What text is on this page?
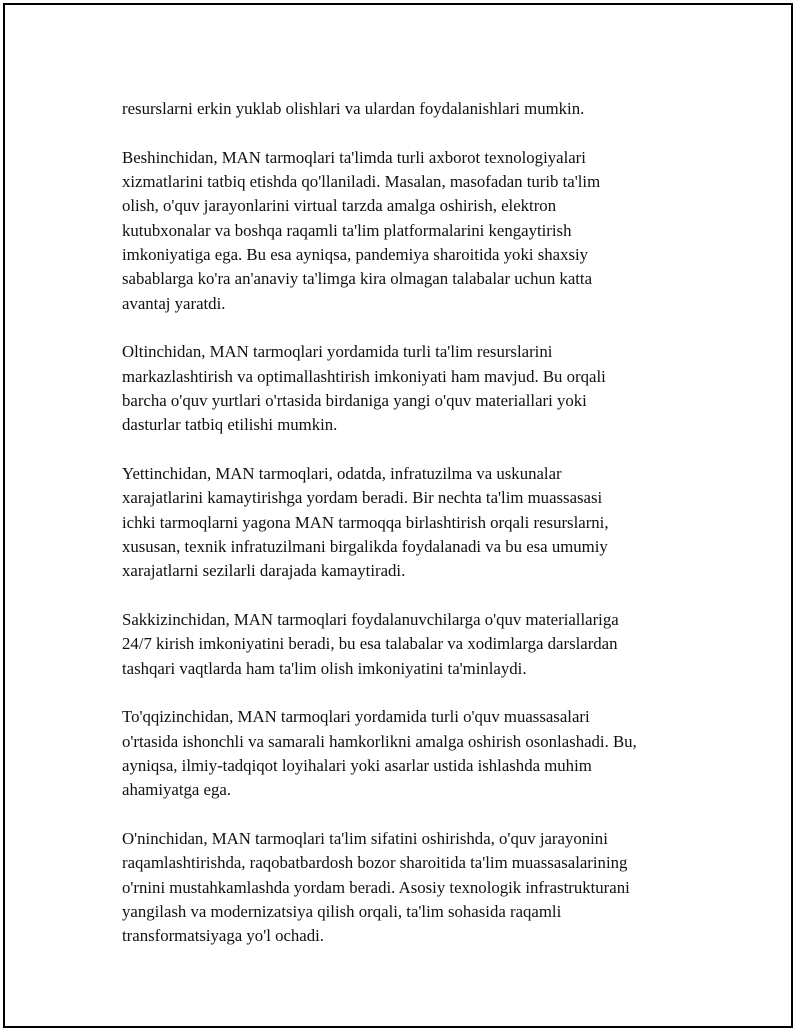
resurslarni erkin yuklab olishlari va ulardan foydalanishlari mumkin.

Beshinchidan, MAN tarmoqlari ta'limda turli axborot texnologiyalari
xizmatlarini tatbiq etishda qo'llaniladi. Masalan, masofadan turib ta'lim
olish, o'quv jarayonlarini virtual tarzda amalga oshirish, elektron
kutubxonalar va boshqa raqamli ta'lim platformalarini kengaytirish
imkoniyatiga ega. Bu esa ayniqsa, pandemiya sharoitida yoki shaxsiy
sabablarga ko'ra an'anaviy ta'limga kira olmagan talabalar uchun katta
avantaj yaratdi.

Oltinchidan, MAN tarmoqlari yordamida turli ta'lim resurslarini
markazlashtirish va optimallashtirish imkoniyati ham mavjud. Bu orqali
barcha o'quv yurtlari o'rtasida birdaniga yangi o'quv materiallari yoki
dasturlar tatbiq etilishi mumkin.

Yettinchidan, MAN tarmoqlari, odatda, infratuzilma va uskunalar
xarajatlarini kamaytirishga yordam beradi. Bir nechta ta'lim muassasasi
ichki tarmoqlarni yagona MAN tarmoqqa birlashtirish orqali resurslarni,
xususan, texnik infratuzilmani birgalikda foydalanadi va bu esa umumiy
xarajatlarni sezilarli darajada kamaytiradi.

Sakkizinchidan, MAN tarmoqlari foydalanuvchilarga o'quv materiallariga
24/7 kirish imkoniyatini beradi, bu esa talabalar va xodimlarga darslardan
tashqari vaqtlarda ham ta'lim olish imkoniyatini ta'minlaydi.

To'qqizinchidan, MAN tarmoqlari yordamida turli o'quv muassasalari
o'rtasida ishonchli va samarali hamkorlikni amalga oshirish osonlashadi. Bu,
ayniqsa, ilmiy-tadqiqot loyihalari yoki asarlar ustida ishlashda muhim
ahamiyatga ega.

O'ninchidan, MAN tarmoqlari ta'lim sifatini oshirishda, o'quv jarayonini
raqamlashtirishda, raqobatbardosh bozor sharoitida ta'lim muassasalarining
o'rnini mustahkamlashda yordam beradi. Asosiy texnologik infrastrukturani
yangilash va modernizatsiya qilish orqali, ta'lim sohasida raqamli
transformatsiyaga yo'l ochadi.
